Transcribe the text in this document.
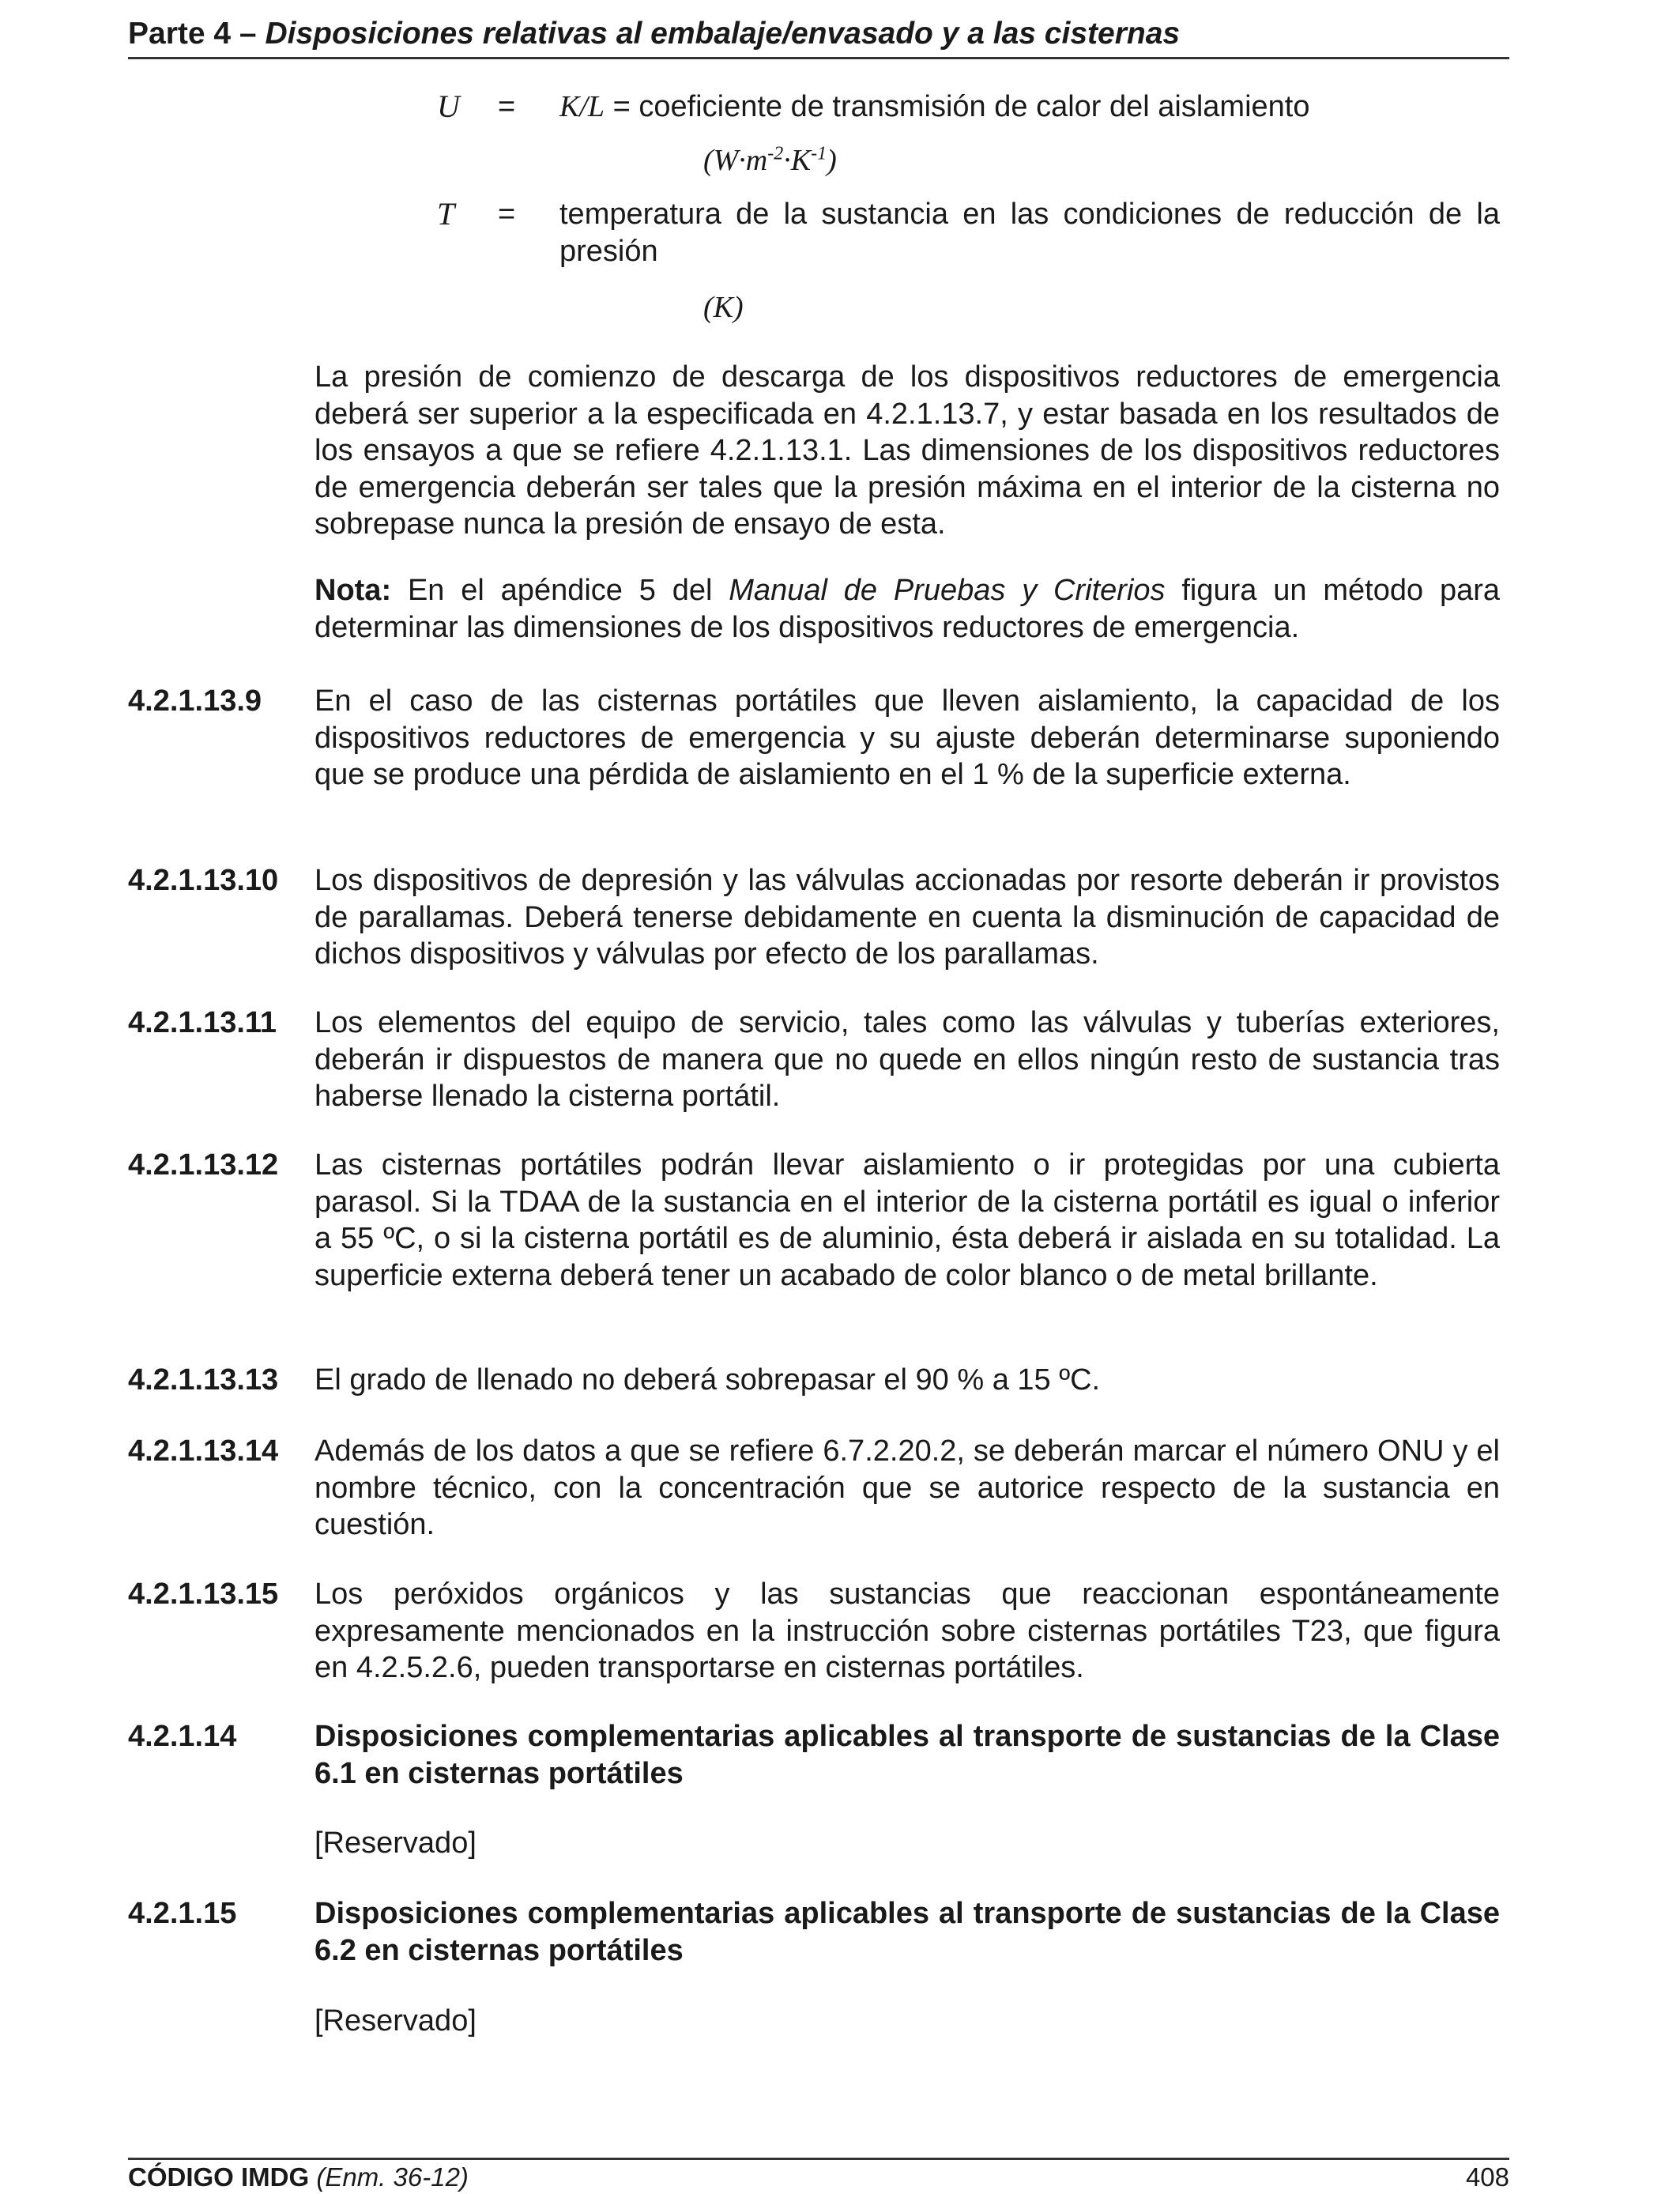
Parte 4 – Disposiciones relativas al embalaje/envasado y a las cisternas
U = K/L = coeficiente de transmisión de calor del aislamiento
$(W\cdot m^{-2}\cdot K^{-1})$
T	= temperatura de la sustancia en las condiciones de reducción de la presión
(K)

La presión de comienzo de descarga de los dispositivos reductores de emergencia deberá ser superior a la especificada en 4.2.1.13.7, y estar basada en los resultados de los ensayos a que se refiere 4.2.1.13.1. Las dimensiones de los dispositivos reductores de emergencia deberán ser tales que la presión máxima en el interior de la cisterna no sobrepase nunca la presión de ensayo de esta.

Nota: En el apéndice 5 del Manual de Pruebas y Criterios figura un método para determinar las dimensiones de los dispositivos reductores de emergencia.

4.2.1.13.9 En el caso de las cisternas portátiles que lleven aislamiento, la capacidad de los dispositivos reductores de emergencia y su ajuste deberán determinarse suponiendo que se produce una pérdida de aislamiento en el 1 % de la superficie externa.

4.2.1.13.10 Los dispositivos de depresión y las válvulas accionadas por resorte deberán ir provistos de parallamas. Deberá tenerse debidamente en cuenta la disminución de capacidad de dichos dispositivos y válvulas por efecto de los parallamas.

4.2.1.13.11 Los elementos del equipo de servicio, tales como las válvulas y tuberías exteriores, deberán ir dispuestos de manera que no quede en ellos ningún resto de sustancia tras haberse llenado la cisterna portátil.

4.2.1.13.12 Las cisternas portátiles podrán llevar aislamiento o ir protegidas por una cubierta parasol. Si la TDAA de la sustancia en el interior de la cisterna portátil es igual o inferior a 55 ºC, o si la cisterna portátil es de aluminio, ésta deberá ir aislada en su totalidad. La superficie externa deberá tener un acabado de color blanco o de metal brillante.

4.2.1.13.13 El grado de llenado no deberá sobrepasar el 90 % a 15 ºC.

4.2.1.13.14 Además de los datos a que se refiere 6.7.2.20.2, se deberán marcar el número ONU y el nombre técnico, con la concentración que se autorice respecto de la sustancia en cuestión.

4.2.1.13.15 Los peróxidos orgánicos y las sustancias que reaccionan espontáneamente expresamente mencionados en la instrucción sobre cisternas portátiles T23, que figura en 4.2.5.2.6, pueden transportarse en cisternas portátiles.

4.2.1.14	Disposiciones complementarias aplicables al transporte de sustancias de la Clase 6.1 en cisternas portátiles

[Reservado]

4.2.1.15	Disposiciones complementarias aplicables al transporte de sustancias de la Clase 6.2 en cisternas portátiles

[Reservado]

CÓDIGO IMDG (Enm. 36-12)	408
